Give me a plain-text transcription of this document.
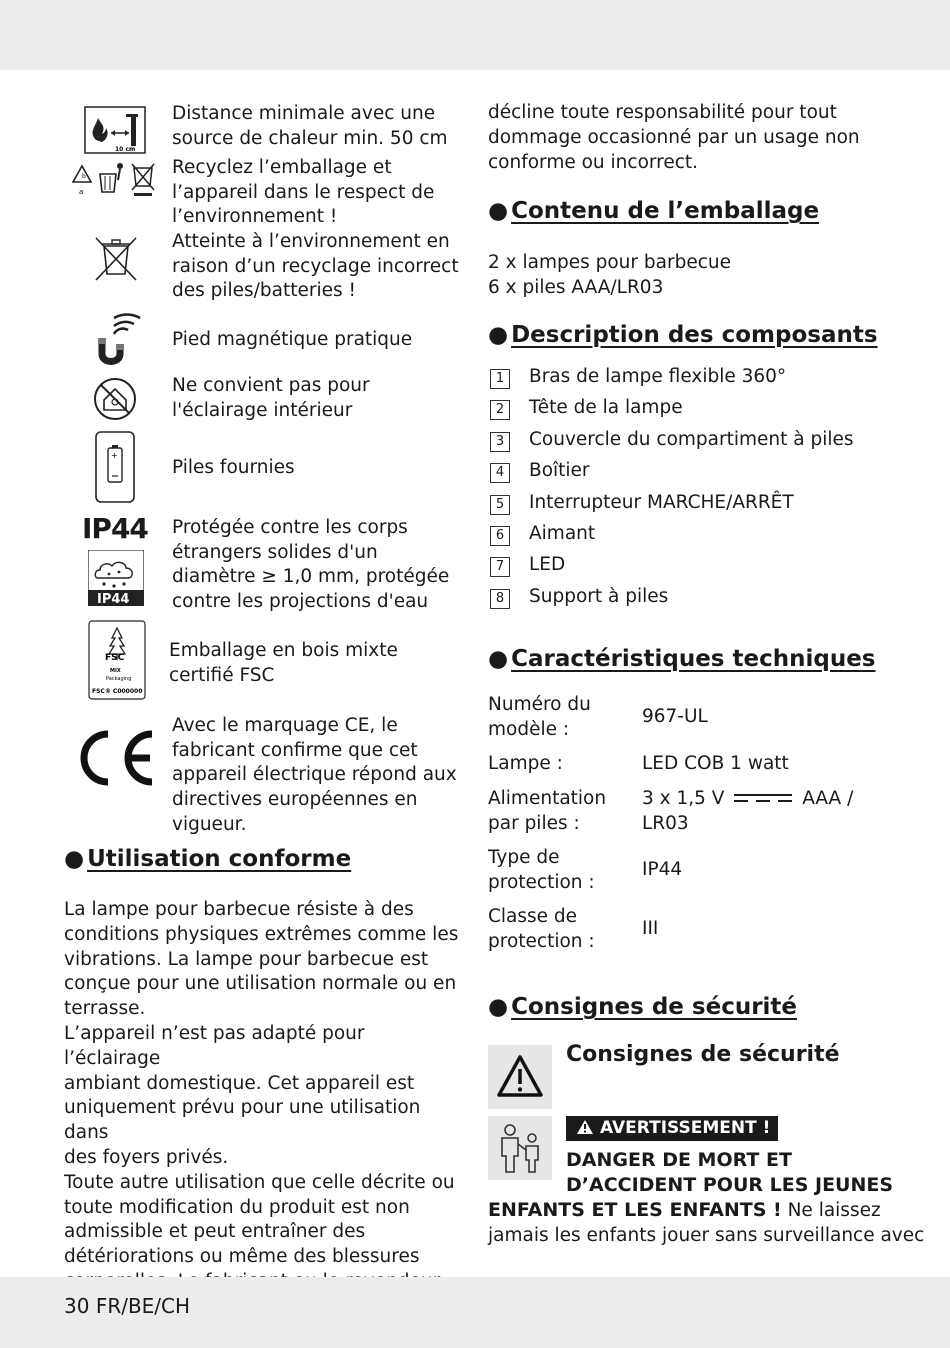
10 cm
Distance minimale avec une source de chaleur min. 50 cm
a
b	Recyclez l’emballage et l’appareil dans le respect de l’environnement !
Atteinte à l’environnement en raison d’un recyclage incorrect des piles/batteries !
Pied magnétique pratique
Ne convient pas pour l'éclairage intérieur
+
Piles fournies
IP44
IP44
Protégée contre les corps étrangers solides d'un diamètre ≥ 1,0 mm, protégée contre les projections d'eau
FSC
MIX
Packaging
FSC® C000000
Emballage en bois mixte certifié FSC
Avec le marquage CE, le fabricant confirme que cet appareil électrique répond aux directives européennes en vigueur.
● Utilisation conforme
La lampe pour barbecue résiste à des
conditions physiques extrêmes comme les
vibrations. La lampe pour barbecue est
conçue pour une utilisation normale ou en
terrasse.
L’appareil n’est pas adapté pour l’éclairage
ambiant domestique. Cet appareil est
uniquement prévu pour une utilisation dans
des foyers privés.
Toute autre utilisation que celle décrite ou
toute modification du produit est non
admissible et peut entraîner des
détériorations ou même des blessures
décline toute responsabilité pour tout dommage occasionné par un usage non conforme ou incorrect.
● Contenu de l’emballage
2 x lampes pour barbecue
6 x piles AAA/LR03
● Description des composants
1	Bras de lampe flexible 360°
2	Tête de la lampe
3	Couvercle du compartiment à piles
4	Boîtier
5	Interrupteur MARCHE/ARRÊT
6	Aimant
7	LED
8	Support à piles
● Caractéristiques techniques
Numéro du modèle :
967-UL
Lampe :	LED COB 1 watt
Alimentation par piles :
3 x 1,5 V	AAA / LR03
Type de protection :
IP44
Classe de protection :
III
● Consignes de sécurité
Consignes de sécurité
AVERTISSEMENT !
DANGER DE MORT ET
D’ACCIDENT POUR LES JEUNES
ENFANTS ET LES ENFANTS ! Ne laissez
jamais les enfants jouer sans surveillance avec
30 FR/BE/CH
